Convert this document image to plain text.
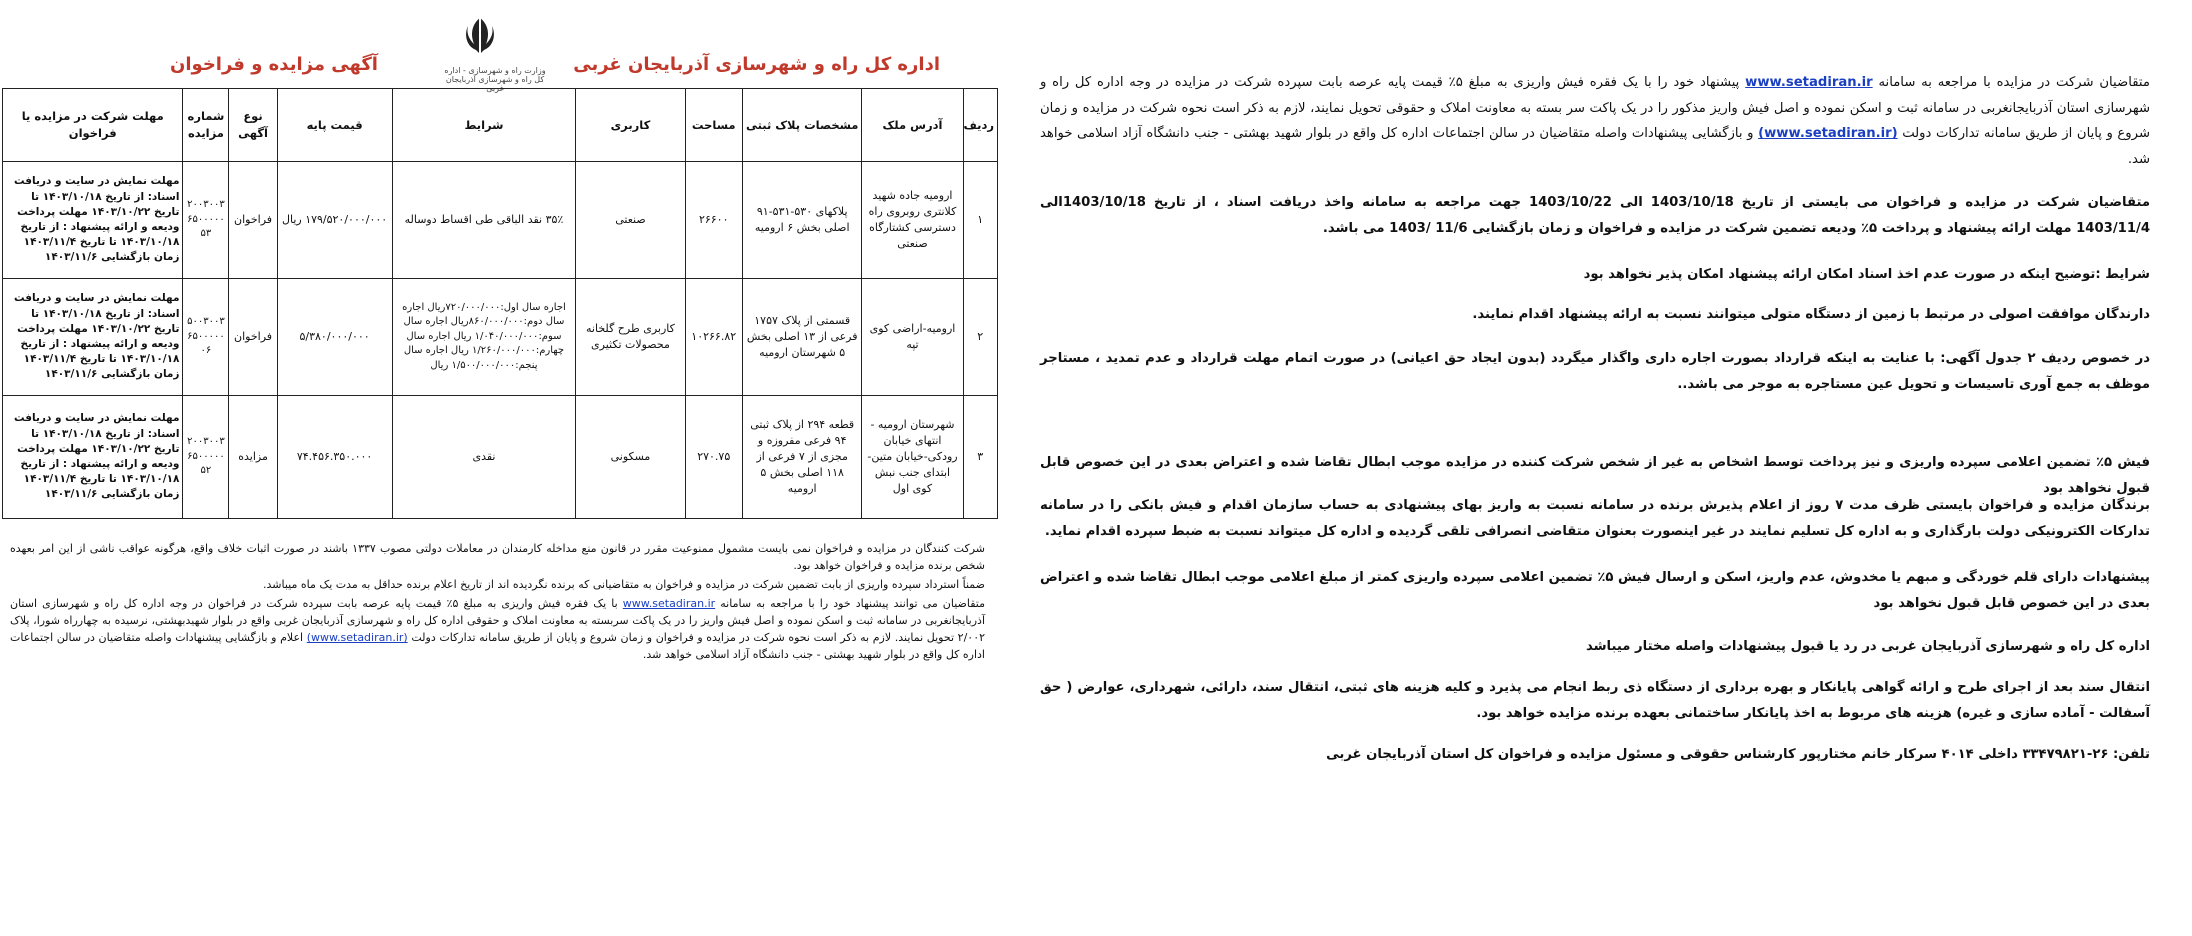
وزارت راه و شهرسازی - اداره کل راه و شهرسازی آذربایجان غربی
اداره کل راه و شهرسازی آذربایجان غربی
آگهی مزایده و فراخوان
ردیف	آدرس ملک	مشخصات پلاک ثبتی	مساحت	کاربری	شرایط	قیمت پایه	نوع آگهی	شماره مزایده	مهلت شرکت در مزایده یا فراخوان
۱	ارومیه جاده شهید کلانتری روبروی راه دسترسی کشتارگاه صنعتی	پلاکهای ۵۳۰-۵۳۱-۹۱ اصلی بخش ۶ ارومیه	۲۶۶۰۰	صنعتی	۳۵٪ نقد الباقی طی اقساط دوساله	۱۷۹/۵۲۰/۰۰۰/۰۰۰ ریال	فراخوان	۲۰۰۳۰۰۳۶۵۰۰۰۰۰۵۳	مهلت نمایش در سایت و دریافت اسناد: از تاریخ ۱۴۰۳/۱۰/۱۸ تا تاریخ ۱۴۰۳/۱۰/۲۲ مهلت پرداخت ودیعه و ارائه پیشنهاد : از تاریخ ۱۴۰۳/۱۰/۱۸ تا تاریخ ۱۴۰۳/۱۱/۴ زمان بازگشایی ۱۴۰۳/۱۱/۶
۲	ارومیه-اراضی کوی تپه	قسمتی از پلاک ۱۷۵۷ فرعی از ۱۳ اصلی بخش ۵ شهرستان ارومیه	۱۰۲۶۶.۸۲	کاربری طرح گلخانه محصولات تکثیری	اجاره سال اول:۷۲۰/۰۰۰/۰۰۰ریال اجاره سال دوم:۸۶۰/۰۰۰/۰۰۰ریال اجاره سال سوم:۱/۰۴۰/۰۰۰/۰۰۰ ریال اجاره سال چهارم:۱/۲۶۰/۰۰۰/۰۰۰ ریال اجاره سال پنجم:۱/۵۰۰/۰۰۰/۰۰۰ ریال	۵/۳۸۰/۰۰۰/۰۰۰	فراخوان	۵۰۰۳۰۰۳۶۵۰۰۰۰۰۰۶	مهلت نمایش در سایت و دریافت اسناد: از تاریخ ۱۴۰۳/۱۰/۱۸ تا تاریخ ۱۴۰۳/۱۰/۲۲ مهلت پرداخت ودیعه و ارائه پیشنهاد : از تاریخ ۱۴۰۳/۱۰/۱۸ تا تاریخ ۱۴۰۳/۱۱/۴ زمان بازگشایی ۱۴۰۳/۱۱/۶
۳	شهرستان ارومیه - انتهای خیابان رودکی-خیابان متین-ابتدای جنب نبش کوی اول	قطعه ۲۹۴ از پلاک ثبتی ۹۴ فرعی مفروزه و مجزی از ۷ فرعی از ۱۱۸ اصلی بخش ۵ ارومیه	۲۷۰.۷۵	مسکونی	نقدی	۷۴.۴۵۶.۳۵۰.۰۰۰	مزایده	۲۰۰۳۰۰۳۶۵۰۰۰۰۰۵۲	مهلت نمایش در سایت و دریافت اسناد: از تاریخ ۱۴۰۳/۱۰/۱۸ تا تاریخ ۱۴۰۳/۱۰/۲۲ مهلت پرداخت ودیعه و ارائه پیشنهاد : از تاریخ ۱۴۰۳/۱۰/۱۸ تا تاریخ ۱۴۰۳/۱۱/۴ زمان بازگشایی ۱۴۰۳/۱۱/۶

شرکت کنندگان در مزایده و فراخوان نمی بایست مشمول ممنوعیت مقرر در قانون منع مداخله کارمندان در معاملات دولتی مصوب ۱۳۳۷ باشند در صورت اثبات خلاف واقع، هرگونه عواقب ناشی از این امر بعهده شخص برنده مزایده و فراخوان خواهد بود.

ضمناً استرداد سپرده واریزی از بابت تضمین شرکت در مزایده و فراخوان به متقاضیانی که برنده نگردیده اند از تاریخ اعلام برنده حداقل به مدت یک ماه میباشد.

متقاضیان می توانند پیشنهاد خود را با مراجعه به سامانه www.setadiran.ir با یک فقره فیش واریزی به مبلغ ۵٪ قیمت پایه عرصه بابت سپرده شرکت در فراخوان در وجه اداره کل راه و شهرسازی استان آذربایجانغربی در سامانه ثبت و اسکن نموده و اصل فیش واریز را در یک پاکت سربسته به معاونت املاک و حقوقی اداره کل راه و شهرسازی آذربایجان غربی واقع در بلوار شهیدبهشتی، نرسیده به چهارراه شورا، پلاک ۲/۰۰۲ تحویل نمایند. لازم به ذکر است نحوه شرکت در مزایده و فراخوان و زمان شروع و پایان از طریق سامانه تدارکات دولت (www.setadiran.ir) اعلام و بازگشایی پیشنهادات واصله متقاضیان در سالن اجتماعات اداره کل واقع در بلوار شهید بهشتی - جنب دانشگاه آزاد اسلامی خواهد شد.

متقاضیان شرکت در مزایده با مراجعه به سامانه www.setadiran.ir پیشنهاد خود را با یک فقره فیش واریزی به مبلغ ۵٪ قیمت پایه عرصه بابت سپرده شرکت در مزایده در وجه اداره کل راه و شهرسازی استان آذربایجانغربی در سامانه ثبت و اسکن نموده و اصل فیش واریز مذکور را در یک پاکت سر بسته به معاونت املاک و حقوقی تحویل نمایند، لازم به ذکر است نحوه شرکت در مزایده و زمان شروع و پایان از طریق سامانه تدارکات دولت (www.setadiran.ir) و بازگشایی پیشنهادات واصله متقاضیان در سالن اجتماعات اداره کل واقع در بلوار شهید بهشتی - جنب دانشگاه آزاد اسلامی خواهد شد.

متقاضیان شرکت در مزایده و فراخوان می بایستی از تاریخ 1403/10/18 الی 1403/10/22 جهت مراجعه به سامانه واخذ دریافت اسناد ، از تاریخ 1403/10/18الی 1403/11/4 مهلت ارائه پیشنهاد و پرداخت ۵٪ ودیعه تضمین شرکت در مزایده و فراخوان و زمان بازگشایی 11/6 /1403 می باشد.

شرایط :توضیح اینکه در صورت عدم اخذ اسناد امکان ارائه پیشنهاد امکان پذیر نخواهد بود

دارندگان موافقت اصولی در مرتبط با زمین از دستگاه متولی میتوانند نسبت به ارائه پیشنهاد اقدام نمایند.

در خصوص ردیف ۲ جدول آگهی: با عنایت به اینکه قرارداد بصورت اجاره داری واگذار میگردد (بدون ایجاد حق اعیانی) در صورت اتمام مهلت قرارداد و عدم تمدید ، مستاجر موظف به جمع آوری تاسیسات و تحویل عین مستاجره به موجر می باشد..

فیش ۵٪ تضمین اعلامی سپرده واریزی و نیز پرداخت توسط اشخاص به غیر از شخص شرکت کننده در مزایده موجب ابطال تقاضا شده و اعتراض بعدی در این خصوص قابل قبول نخواهد بود

برندگان مزایده و فراخوان بایستی ظرف مدت ۷ روز از اعلام پذیرش برنده در سامانه نسبت به واریز بهای پیشنهادی به حساب سازمان اقدام و فیش بانکی را در سامانه تدارکات الکترونیکی دولت بارگذاری و به اداره کل تسلیم نمایند در غیر اینصورت بعنوان متقاضی انصرافی تلقی گردیده و اداره کل میتواند نسبت به ضبط سپرده اقدام نماید.

پیشنهادات دارای قلم خوردگی و مبهم یا مخدوش، عدم واریز، اسکن و ارسال فیش ۵٪ تضمین اعلامی سپرده واریزی کمتر از مبلغ اعلامی موجب ابطال تقاضا شده و اعتراض بعدی در این خصوص قابل قبول نخواهد بود

اداره کل راه و شهرسازی آذربایجان غربی در رد یا قبول پیشنهادات واصله مختار میباشد

انتقال سند بعد از اجرای طرح و ارائه گواهی پایانکار و بهره برداری از دستگاه ذی ربط انجام می پذیرد و کلیه هزینه های ثبتی، انتقال سند، دارائی، شهرداری، عوارض ( حق آسفالت - آماده سازی و غیره) هزینه های مربوط به اخذ پایانکار ساختمانی بعهده برنده مزایده خواهد بود.

تلفن: ۲۶-۳۳۴۷۹۸۲۱ داخلی ۴۰۱۴ سرکار خانم مختارپور کارشناس حقوقی و مسئول مزایده و فراخوان کل استان آذربایجان غربی
